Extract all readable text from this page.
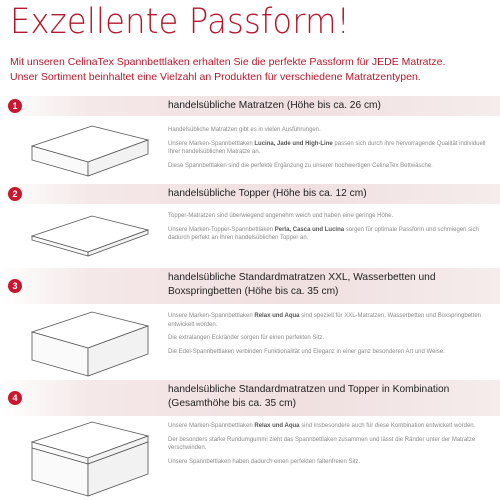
Exzellente Passform!
Mit unseren CelinaTex Spannbettlaken erhalten Sie die perfekte Passform für JEDE Matratze.
Unser Sortiment beinhaltet eine Vielzahl an Produkten für verschiedene Matratzentypen.
1	handelsübliche Matratzen (Höhe bis ca. 26 cm)

Handelsübliche Matratzen gibt es in vielen Ausführungen.

Unsere Marken-Spannbettlaken Lucina, Jade und High-Line passen sich durch ihre hervorragende Qualität individuell Ihrer handelsüblichen Matratze an.

Diese Spannbettlaken sind die perfekte Ergänzung zu unserer hochwertigen CelinaTex Bettwäsche.

2	handelsübliche Topper (Höhe bis ca. 12 cm)

Topper-Matratzen sind überwiegend angenehm weich und haben eine geringe Höhe.

Unsere Marken-Topper-Spannbettlaken Perla, Casca und Lucina sorgen für optimale Passform und schmiegen sich dadurch perfekt an Ihren handelsüblichen Topper an.

3
handelsübliche Standardmatratzen XXL, Wasserbetten und
Boxspringbetten (Höhe bis ca. 35 cm)

Unsere Marken-Spannbettlaken Relax und Aqua sind speziell für XXL-Matratzen, Wasserbetten und Boxspringbetten entwickelt worden.

Die extralangen Eckränder sorgen für einen perfekten Sitz.

Die Edel-Spannbettlaken verbinden Funktionalität und Eleganz in einer ganz besonderen Art und Weise.

4
handelsübliche Standardmatratzen und Topper in Kombination
(Gesamthöhe bis ca. 35 cm)

Unsere Marken-Spannbettlaken Relax und Aqua sind insbesondere auch für diese Kombination entwickelt worden.

Der besonders starke Rundumgummi zieht das Spannbettlaken zusammen und lässt die Ränder unter der Matratze verschwinden.

Unsere Spannbettlaken haben dadurch einen perfekten faltenfreien Sitz.
